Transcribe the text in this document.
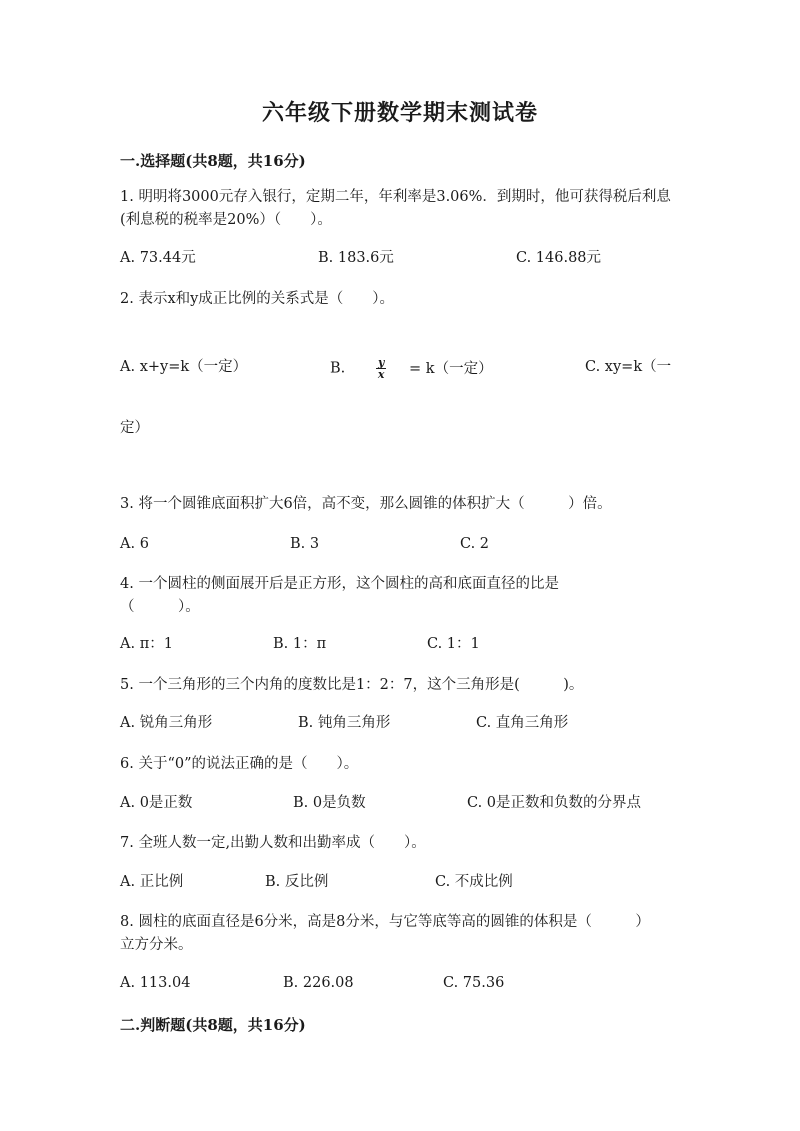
六年级下册数学期末测试卷
一.选择题(共8题，共16分)
1. 明明将3000元存入银行，定期二年，年利率是3.06%．到期时，他可获得税后利息(利息税的税率是20%）（　　）。
A. 73.44元	B. 183.6元	C. 146.88元
2. 表示x和y成正比例的关系式是（　　）。
A. x+y=k（一定）	B.	$\frac{y}{x} = k$（一定）	C. xy=k（一
定）
3. 将一个圆锥底面积扩大6倍，高不变，那么圆锥的体积扩大（　　　）倍。
A. 6	B. 3	C. 2
4. 一个圆柱的侧面展开后是正方形，这个圆柱的高和底面直径的比是（　　　）。
A. π：1	B. 1：π	C. 1：1
5. 一个三角形的三个内角的度数比是1：2：7，这个三角形是(　　　)。
A. 锐角三角形	B. 钝角三角形	C. 直角三角形
6. 关于“0”的说法正确的是（　　）。
A. 0是正数	B. 0是负数	C. 0是正数和负数的分界点
7. 全班人数一定,出勤人数和出勤率成（　　）。
A. 正比例	B. 反比例	C. 不成比例
8. 圆柱的底面直径是6分米，高是8分米，与它等底等高的圆锥的体积是（　　　）立方分米。
A. 113.04	B. 226.08	C. 75.36
二.判断题(共8题，共16分)
